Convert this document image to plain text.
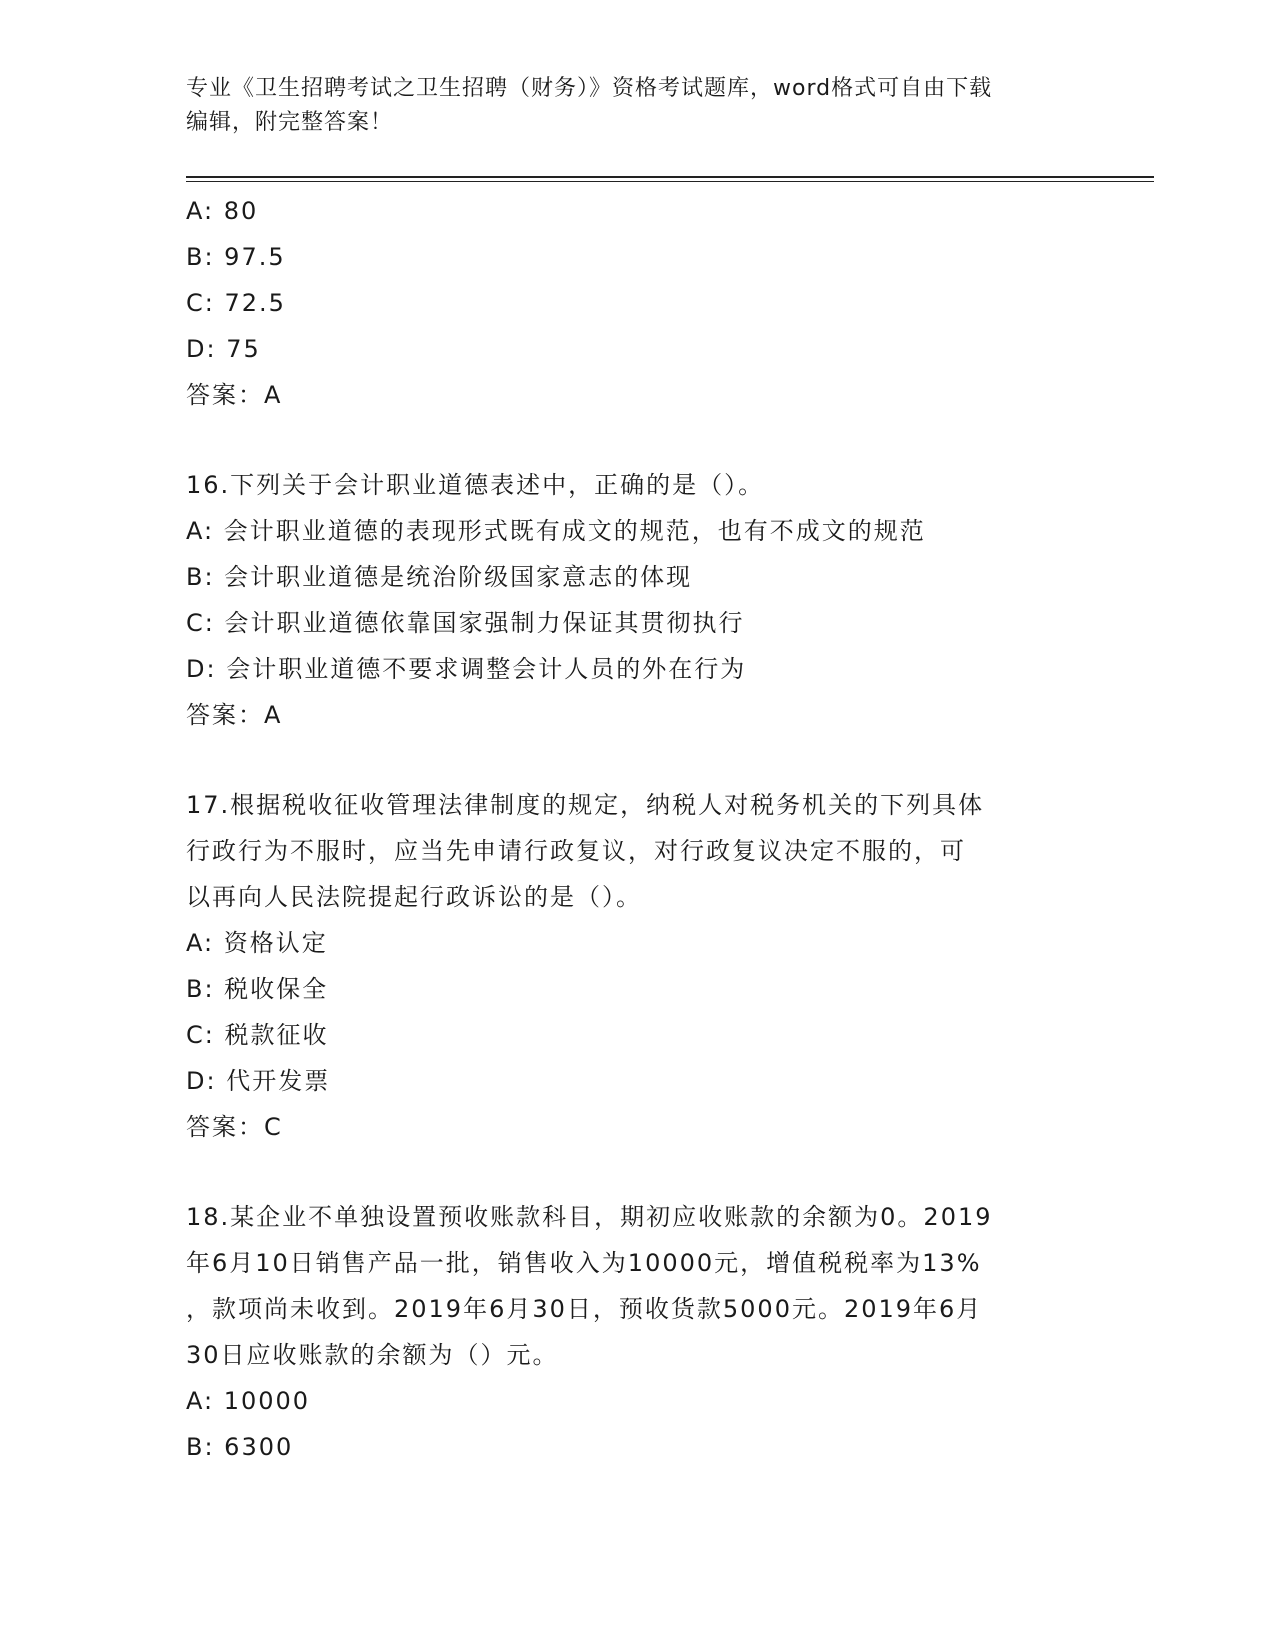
专业《卫生招聘考试之卫生招聘（财务）》资格考试题库，word格式可自由下载
编辑，附完整答案！
A: 80
B: 97.5
C: 72.5
D: 75
答案：A
16.下列关于会计职业道德表述中，正确的是（）。
A: 会计职业道德的表现形式既有成文的规范，也有不成文的规范
B: 会计职业道德是统治阶级国家意志的体现
C: 会计职业道德依靠国家强制力保证其贯彻执行
D: 会计职业道德不要求调整会计人员的外在行为
答案：A
17.根据税收征收管理法律制度的规定，纳税人对税务机关的下列具体
行政行为不服时，应当先申请行政复议，对行政复议决定不服的，可
以再向人民法院提起行政诉讼的是（）。
A: 资格认定
B: 税收保全
C: 税款征收
D: 代开发票
答案：C
18.某企业不单独设置预收账款科目，期初应收账款的余额为0。2019
年6月10日销售产品一批，销售收入为10000元，增值税税率为13%
，款项尚未收到。2019年6月30日，预收货款5000元。2019年6月
30日应收账款的余额为（）元。
A: 10000
B: 6300
